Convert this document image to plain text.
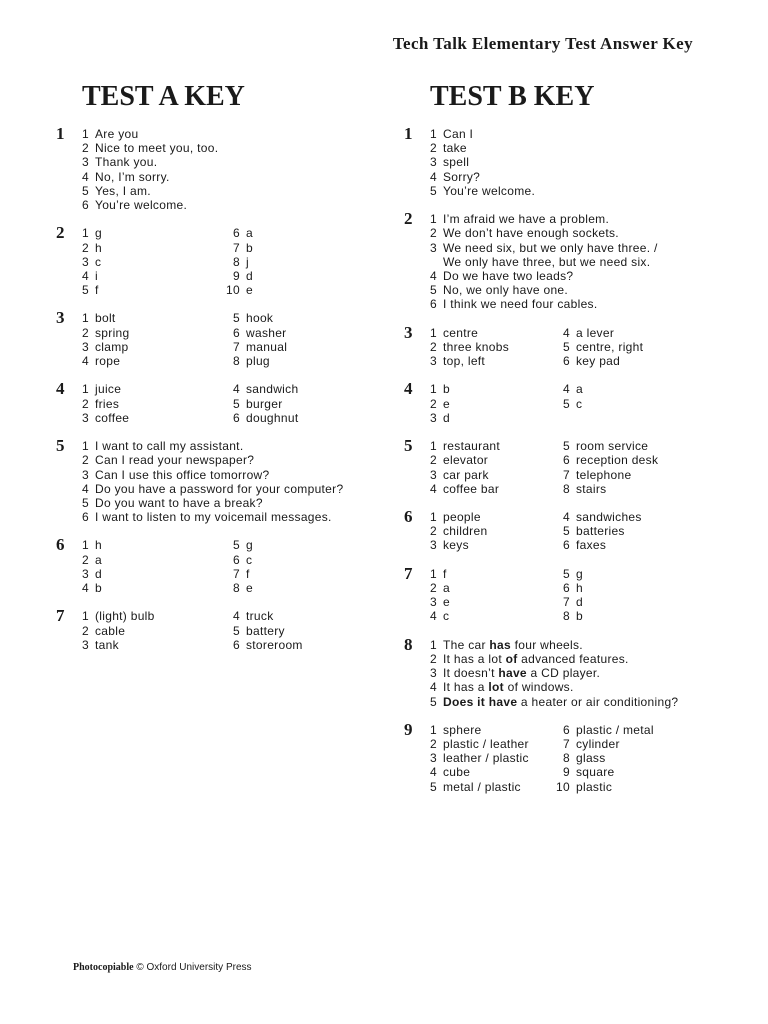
Tech Talk Elementary Test Answer Key
TEST A KEY
1	1 Are you
2 Nice to meet you, too.
3 Thank you.
4 No, I’m sorry.
5 Yes, I am.
6 You’re welcome.
2	1 g	6 a
2 h	7 b
3 c	8 j
4 i	9 d
5 f	10 e
3	1 bolt	5 hook
2 spring	6 washer
3 clamp	7 manual
4 rope	8 plug
4	1 juice	4 sandwich
2 fries	5 burger
3 coffee	6 doughnut
5	1 I want to call my assistant.
2 Can I read your newspaper?
3 Can I use this office tomorrow?
4 Do you have a password for your computer?
5 Do you want to have a break?
6 I want to listen to my voicemail messages.
6	1 h	5 g
2 a	6 c
3 d	7 f
4 b	8 e
7	1 (light) bulb	4 truck
2 cable	5 battery
3 tank	6 storeroom
TEST B KEY
1	1 Can I
2 take
3 spell
4 Sorry?
5 You’re welcome.
2	1 I’m afraid we have a problem.
2 We don’t have enough sockets.
3 We need six, but we only have three. /
We only have three, but we need six.
4 Do we have two leads?
5 No, we only have one.
6 I think we need four cables.
3	1 centre	4 a lever
2 three knobs	5 centre, right
3 top, left	6 key pad
4	1 b	4 a
2 e	5 c
3 d
5	1 restaurant	5 room service
2 elevator	6 reception desk
3 car park	7 telephone
4 coffee bar	8 stairs
6	1 people	4 sandwiches
2 children	5 batteries
3 keys	6 faxes
7	1 f	5 g
2 a	6 h
3 e	7 d
4 c	8 b
8	1 The car has four wheels.
2 It has a lot of advanced features.
3 It doesn’t have a CD player.
4 It has a lot of windows.
5 Does it have a heater or air conditioning?
9	1 sphere	6 plastic / metal
2 plastic / leather	7 cylinder
3 leather / plastic	8 glass
4 cube	9 square
5 metal / plastic	10 plastic
Photocopiable © Oxford University Press
